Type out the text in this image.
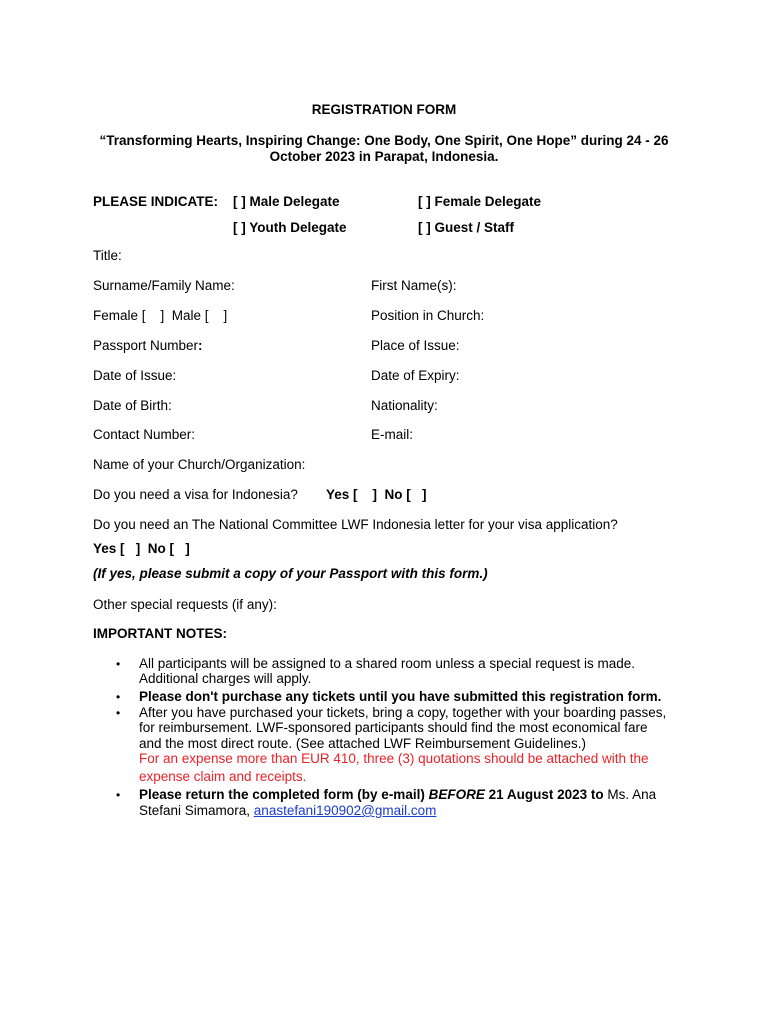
REGISTRATION FORM
“Transforming Hearts, Inspiring Change: One Body, One Spirit, One Hope” during 24 - 26
October 2023 in Parapat, Indonesia.
PLEASE INDICATE: [ ] Male Delegate	[ ] Female Delegate
[ ] Youth Delegate	[ ] Guest / Staff
Title:
Surname/Family Name:	First Name(s):
Female [    ]  Male [    ]	Position in Church:
Passport Number:	Place of Issue:
Date of Issue:	Date of Expiry:
Date of Birth:	Nationality:
Contact Number:	E-mail:
Name of your Church/Organization:
Do you need a visa for Indonesia? Yes [    ]  No [   ]
Do you need an The National Committee LWF Indonesia letter for your visa application?
Yes [   ]  No [   ]
(If yes, please submit a copy of your Passport with this form.)
Other special requests (if any):
IMPORTANT NOTES:
• All participants will be assigned to a shared room unless a special request is made.
Additional charges will apply.
• Please don't purchase any tickets until you have submitted this registration form.
• After you have purchased your tickets, bring a copy, together with your boarding passes,
for reimbursement. LWF-sponsored participants should find the most economical fare
and the most direct route. (See attached LWF Reimbursement Guidelines.)
For an expense more than EUR 410, three (3) quotations should be attached with the
expense claim and receipts.
• Please return the completed form (by e-mail) BEFORE 21 August 2023 to Ms. Ana
Stefani Simamora, anastefani190902@gmail.com
